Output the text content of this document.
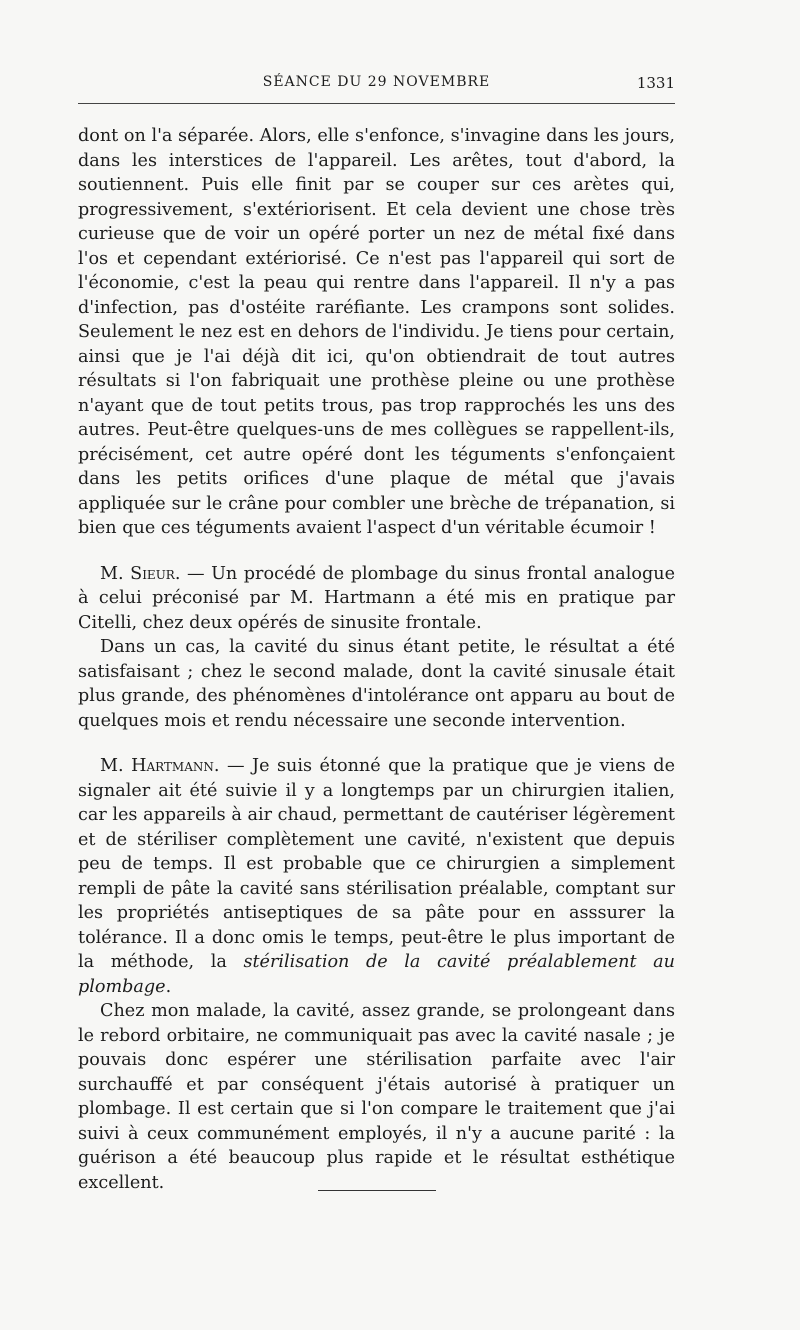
SÉANCE DU 29 NOVEMBRE	1331

dont on l'a séparée. Alors, elle s'enfonce, s'invagine dans les jours, dans les interstices de l'appareil. Les arêtes, tout d'abord, la soutiennent. Puis elle finit par se couper sur ces arètes qui, progressivement, s'extériorisent. Et cela devient une chose très curieuse que de voir un opéré porter un nez de métal fixé dans l'os et cependant extériorisé. Ce n'est pas l'appareil qui sort de l'économie, c'est la peau qui rentre dans l'appareil. Il n'y a pas d'infection, pas d'ostéite raréfiante. Les crampons sont solides. Seulement le nez est en dehors de l'individu. Je tiens pour certain, ainsi que je l'ai déjà dit ici, qu'on obtiendrait de tout autres résultats si l'on fabriquait une prothèse pleine ou une prothèse n'ayant que de tout petits trous, pas trop rapprochés les uns des autres. Peut-être quelques-uns de mes collègues se rappellent-ils, précisément, cet autre opéré dont les téguments s'enfonçaient dans les petits orifices d'une plaque de métal que j'avais appliquée sur le crâne pour combler une brèche de trépanation, si bien que ces téguments avaient l'aspect d'un véritable écumoir !

M. Sieur. — Un procédé de plombage du sinus frontal analogue à celui préconisé par M. Hartmann a été mis en pratique par Citelli, chez deux opérés de sinusite frontale.

Dans un cas, la cavité du sinus étant petite, le résultat a été satisfaisant ; chez le second malade, dont la cavité sinusale était plus grande, des phénomènes d'intolérance ont apparu au bout de quelques mois et rendu nécessaire une seconde intervention.

M. Hartmann. — Je suis étonné que la pratique que je viens de signaler ait été suivie il y a longtemps par un chirurgien italien, car les appareils à air chaud, permettant de cautériser légèrement et de stériliser complètement une cavité, n'existent que depuis peu de temps. Il est probable que ce chirurgien a simplement rempli de pâte la cavité sans stérilisation préalable, comptant sur les propriétés antiseptiques de sa pâte pour en asssurer la tolérance. Il a donc omis le temps, peut-être le plus important de la méthode, la stérilisation de la cavité préalablement au plombage.

Chez mon malade, la cavité, assez grande, se prolongeant dans le rebord orbitaire, ne communiquait pas avec la cavité nasale ; je pouvais donc espérer une stérilisation parfaite avec l'air surchauffé et par conséquent j'étais autorisé à pratiquer un plombage. Il est certain que si l'on compare le traitement que j'ai suivi à ceux communément employés, il n'y a aucune parité : la guérison a été beaucoup plus rapide et le résultat esthétique excellent.
